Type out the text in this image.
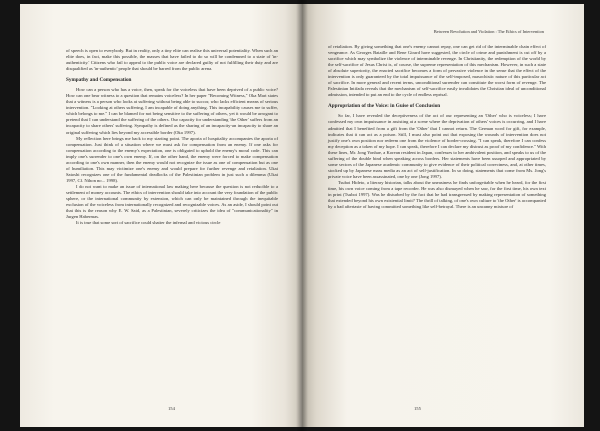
of speech is open to everybody. But in reality, only a tiny elite can realise this universal potentiality. When such an elite does, in fact, make this possible, the masses that have failed to do so will be condemned to a state of 'in-authenticity.' Citizens who fail to appeal to the public voice are declared guilty of not fulfilling their duty and are disqualified as 'in-authentic' people that should be barred from the public arena.

Sympathy and Compensation

How can a person who has a voice, then, speak for the voiceless that have been deprived of a public voice? How can one bear witness to a question that remains voiceless? In her paper "Becoming Witness," Oka Mari states that a witness is a person who looks at suffering without being able to succor, who lacks efficient means of serious intervention. "Looking at others suffering, I am incapable of doing anything. This incapability causes me to suffer, which belongs to me." I can be blamed for not being sensitive to the suffering of others, yet it would be arrogant to pretend that I can understand the suffering of the others. Our capacity for understanding 'the Other' suffers from an incapacity to share others' suffering. Sympathy is defined as the sharing of an incapacity-an incapacity to share an original suffering which lies beyond my accessible border (Oka 1997).

My reflection here brings me back to my starting point. The aporia of hospitality accompanies the aporia of compensation. Just think of a situation where we must ask for compensation from an enemy. If one asks for compensation according to the enemy's expectation, one is obligated to uphold the enemy's moral code. This can imply one's surrender to one's own enemy. If, on the other hand, the enemy were forced to make compensation according to one's own manner, then the enemy would not recognize the issue as one of compensation but as one of humiliation. This may victimize one's enemy and would prepare for further revenge and retaliation. Ukai Satoshi recognizes one of the fundamental deadlocks of the Palestinian problem in just such a dilemma (Ukai 1997, Cf. Nihon no... 1998).

I do not want to make an issue of international law making here because the question is not reducible to a settlement of money accounts. The ethics of intervention should take into account the very foundation of the public sphere, or the international community by extension, which can only be maintained through the inequitable exclusion of the voiceless from internationally recognized and recognizable voices. As an aside, I should point out that this is the reason why E. W. Said, as a Palestinian, severely criticizes the idea of "communicationality" in Jurgen Habermas.

It is true that some sort of sacrifice could shatter the infernal and vicious circle

154
Between Revolution and Violation : The Ethics of Intervention

of retaliation. By giving something that one's enemy cannot repay, one can get rid of the interminable chain effect of vengeance. As Georges Bataille and Rene Girard have suggested, the circle of crime and punishment is cut off by a sacrifice which may symbolize the violence of interminable revenge. In Christianity, the redemption of the world by the self-sacrifice of Jesus Christ is, of course, the supreme representation of this mechanism. However, in such a state of absolute superiority, the enacted sacrifice becomes a form of pervasive violence in the sense that the effect of the intervention is only guaranteed by the total impuissance of the self-imposed, masochistic nature of this particular act of sacrifice. In more general and recent terms, unconditional surrender can constitute the worst form of revenge. The Palestinian Intifada reveals that the mechanism of self-sacrifice easily invalidates the Christian ideal of unconditional admission, intended to put an end to the cycle of endless reprisal.

Appropriation of the Voice: in Guise of Conclusion

So far, I have revealed the deceptiveness of the act of our representing an 'Other' who is voiceless; I have confessed my own impuissance in assisting at a scene where the deprivation of others' voices is occurring, and I have admitted that I benefited from a gift from the 'Other' that I cannot return. The German word for gift, for example, indicates that it can act as a poison. Still, I must also point out that exposing the wounds of intervention does not justify one's own position nor redeem one from the violence of border-crossing. "I can speak, therefore I can confess my deception as a token of my hope. I can speak, therefore I can declare my distrust as proof of my confidence." With these lines, Mr. Jong Yonhae, a Korean resident in Japan, confesses to her ambivalent position, and speaks to us of the suffering of the double bind when speaking across borders. Her statements have been usurped and appropriated by some sectors of the Japanese academic community to give evidence of their political correctness, and, at other times, stocked up by Japanese mass media as an act of self-justification. In so doing, statements that come from Ms. Jong's private voice have been assassinated, one by one (Jong 1997).

Tsuboi Hideto, a literary historian, talks about the uneasiness he finds unforgettable when he heard, for the first time, his own voice coming from a tape recorder. He was also dismayed when he saw, for the first time, his own text in print (Tsuboi 1997). Was he disturbed by the fact that he had transgressed by making representation of something that extended beyond his own existential limit? The thrill of talking, of one's own culture to 'the Other' is accompanied by a bad aftertaste of having committed something like self-betrayal. There is an uncanny mixture of

155
